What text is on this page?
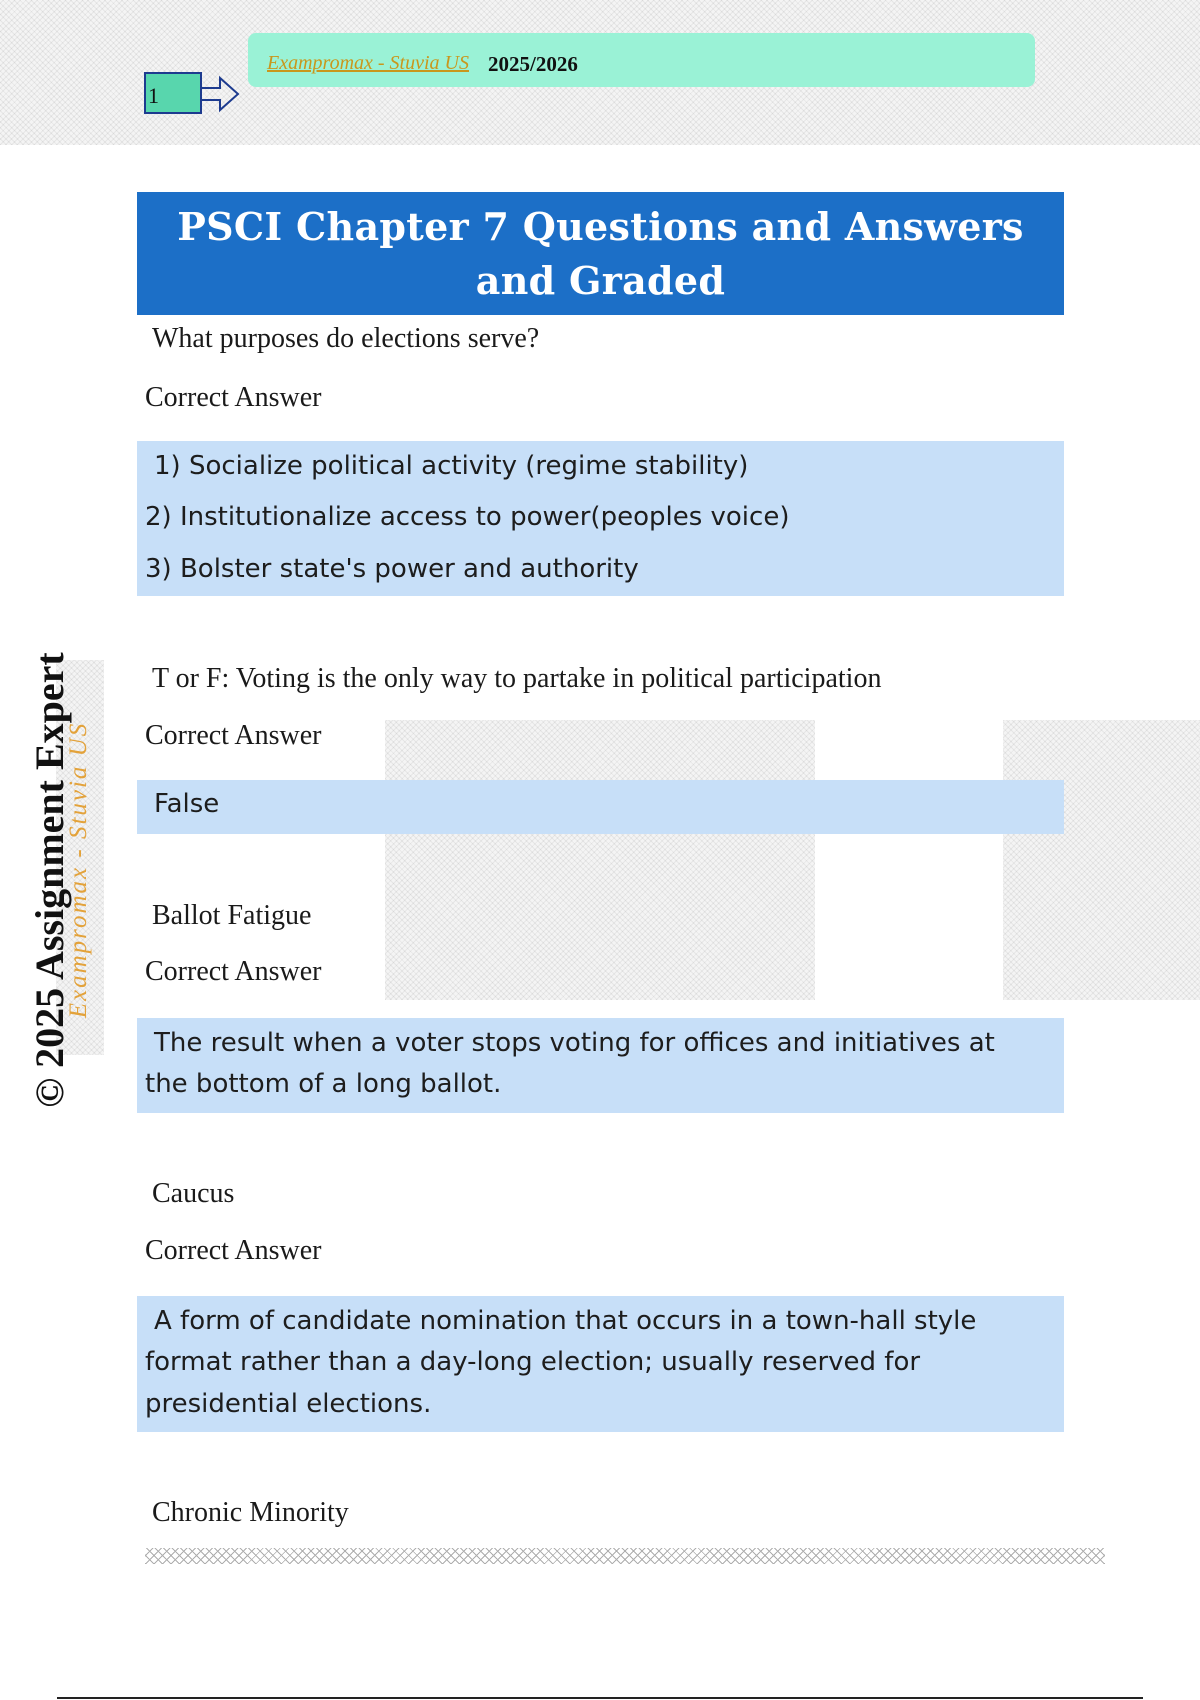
Exampromax - Stuvia US 2025/2026
1
PSCI Chapter 7 Questions and Answers and Graded
What purposes do elections serve?
Correct Answer
1) Socialize political activity (regime stability)
2) Institutionalize access to power(peoples voice)
3) Bolster state's power and authority
T or F: Voting is the only way to partake in political participation
Correct Answer
False
Ballot Fatigue
Correct Answer
The result when a voter stops voting for offices and initiatives at
the bottom of a long ballot.
Caucus
Correct Answer
A form of candidate nomination that occurs in a town-hall style
format rather than a day-long election; usually reserved for
presidential elections.
Chronic Minority
© 2025 Assignment Expert
Exampromax - Stuvia US
